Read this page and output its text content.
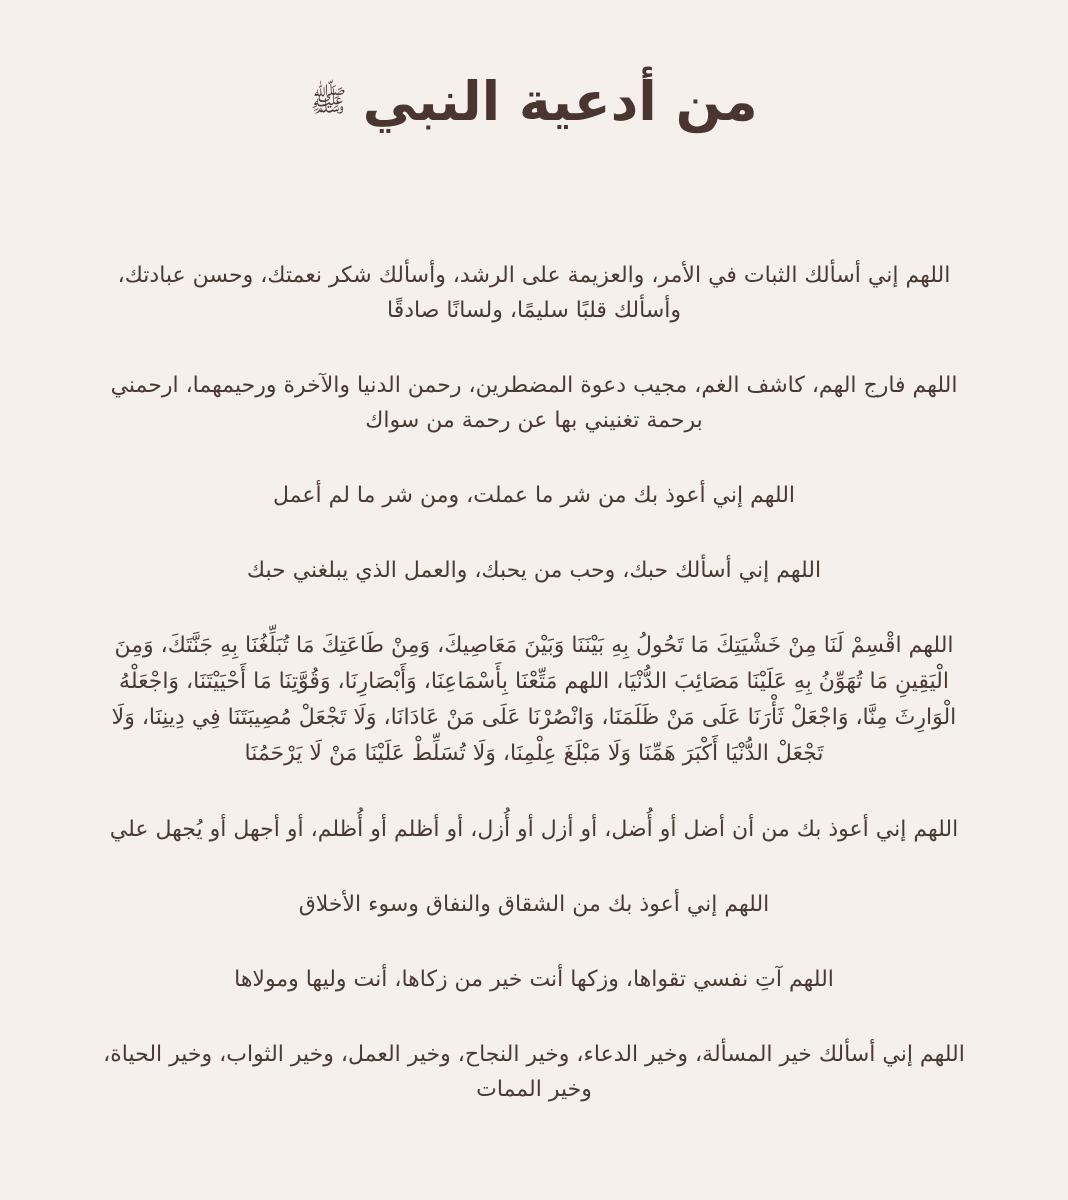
من أدعية النبي
ﷺ

اللهم إني أسألك الثبات في الأمر، والعزيمة على الرشد، وأسألك شكر نعمتك، وحسن عبادتك، وأسألك قلبًا سليمًا، ولسانًا صادقًا

اللهم فارج الهم، كاشف الغم، مجيب دعوة المضطرين، رحمن الدنيا والآخرة ورحيمهما، ارحمني برحمة تغنيني بها عن رحمة من سواك

اللهم إني أعوذ بك من شر ما عملت، ومن شر ما لم أعمل

اللهم إني أسألك حبك، وحب من يحبك، والعمل الذي يبلغني حبك

اللهم اقْسِمْ لَنَا مِنْ خَشْيَتِكَ مَا تَحُولُ بِهِ بَيْنَنَا وَبَيْنَ مَعَاصِيكَ، وَمِنْ طَاعَتِكَ مَا تُبَلِّغُنَا بِهِ جَنَّتَكَ، وَمِنَ الْيَقِينِ مَا تُهَوِّنُ بِهِ عَلَيْنَا مَصَائِبَ الدُّنْيَا، اللهم مَتِّعْنَا بِأَسْمَاعِنَا، وَأَبْصَارِنَا، وَقُوَّتِنَا مَا أَحْيَيْتَنَا، وَاجْعَلْهُ الْوَارِثَ مِنَّا، وَاجْعَلْ ثَأْرَنَا عَلَى مَنْ ظَلَمَنَا، وَانْصُرْنَا عَلَى مَنْ عَادَانَا، وَلَا تَجْعَلْ مُصِيبَتَنَا فِي دِينِنَا، وَلَا تَجْعَلْ الدُّنْيَا أَكْبَرَ هَمِّنَا وَلَا مَبْلَغَ عِلْمِنَا، وَلَا تُسَلِّطْ عَلَيْنَا مَنْ لَا يَرْحَمُنَا

اللهم إني أعوذ بك من أن أضل أو أُضل، أو أزل أو أُزل، أو أظلم أو أُظلم، أو أجهل أو يُجهل علي

اللهم إني أعوذ بك من الشقاق والنفاق وسوء الأخلاق

اللهم آتِ نفسي تقواها، وزكها أنت خير من زكاها، أنت وليها ومولاها

اللهم إني أسألك خير المسألة، وخير الدعاء، وخير النجاح، وخير العمل، وخير الثواب، وخير الحياة، وخير الممات
